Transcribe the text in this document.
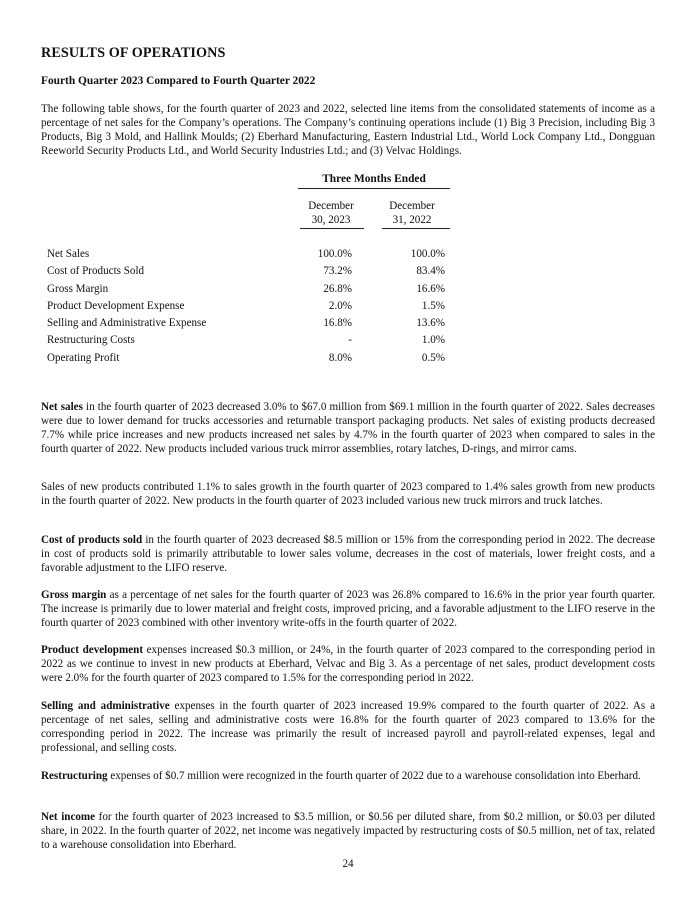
RESULTS OF OPERATIONS
Fourth Quarter 2023 Compared to Fourth Quarter 2022

The following table shows, for the fourth quarter of 2023 and 2022, selected line items from the consolidated statements of income as a percentage of net sales for the Company’s operations. The Company’s continuing operations include (1) Big 3 Precision, including Big 3 Products, Big 3 Mold, and Hallink Moulds; (2) Eberhard Manufacturing, Eastern Industrial Ltd., World Lock Company Ltd., Dongguan Reeworld Security Products Ltd., and World Security Industries Ltd.; and (3) Velvac Holdings.

Three Months Ended
December
30, 2023
December
31, 2022
Net Sales	100.0%	100.0%
Cost of Products Sold	73.2%	83.4%
Gross Margin	26.8%	16.6%
Product Development Expense	2.0%	1.5%
Selling and Administrative Expense	16.8%	13.6%
Restructuring Costs	-	1.0%
Operating Profit	8.0%	0.5%

Net sales in the fourth quarter of 2023 decreased 3.0% to $67.0 million from $69.1 million in the fourth quarter of 2022. Sales decreases were due to lower demand for trucks accessories and returnable transport packaging products. Net sales of existing products decreased 7.7% while price increases and new products increased net sales by 4.7% in the fourth quarter of 2023 when compared to sales in the fourth quarter of 2022. New products included various truck mirror assemblies, rotary latches, D-rings, and mirror cams.

Sales of new products contributed 1.1% to sales growth in the fourth quarter of 2023 compared to 1.4% sales growth from new products in the fourth quarter of 2022. New products in the fourth quarter of 2023 included various new truck mirrors and truck latches.

Cost of products sold in the fourth quarter of 2023 decreased $8.5 million or 15% from the corresponding period in 2022. The decrease in cost of products sold is primarily attributable to lower sales volume, decreases in the cost of materials, lower freight costs, and a favorable adjustment to the LIFO reserve.

Gross margin as a percentage of net sales for the fourth quarter of 2023 was 26.8% compared to 16.6% in the prior year fourth quarter. The increase is primarily due to lower material and freight costs, improved pricing, and a favorable adjustment to the LIFO reserve in the fourth quarter of 2023 combined with other inventory write-offs in the fourth quarter of 2022.

Product development expenses increased $0.3 million, or 24%, in the fourth quarter of 2023 compared to the corresponding period in 2022 as we continue to invest in new products at Eberhard, Velvac and Big 3. As a percentage of net sales, product development costs were 2.0% for the fourth quarter of 2023 compared to 1.5% for the corresponding period in 2022.

Selling and administrative expenses in the fourth quarter of 2023 increased 19.9% compared to the fourth quarter of 2022. As a percentage of net sales, selling and administrative costs were 16.8% for the fourth quarter of 2023 compared to 13.6% for the corresponding period in 2022. The increase was primarily the result of increased payroll and payroll-related expenses, legal and professional, and selling costs.

Restructuring expenses of $0.7 million were recognized in the fourth quarter of 2022 due to a warehouse consolidation into Eberhard.

Net income for the fourth quarter of 2023 increased to $3.5 million, or $0.56 per diluted share, from $0.2 million, or $0.03 per diluted share, in 2022. In the fourth quarter of 2022, net income was negatively impacted by restructuring costs of $0.5 million, net of tax, related to a warehouse consolidation into Eberhard.

24
